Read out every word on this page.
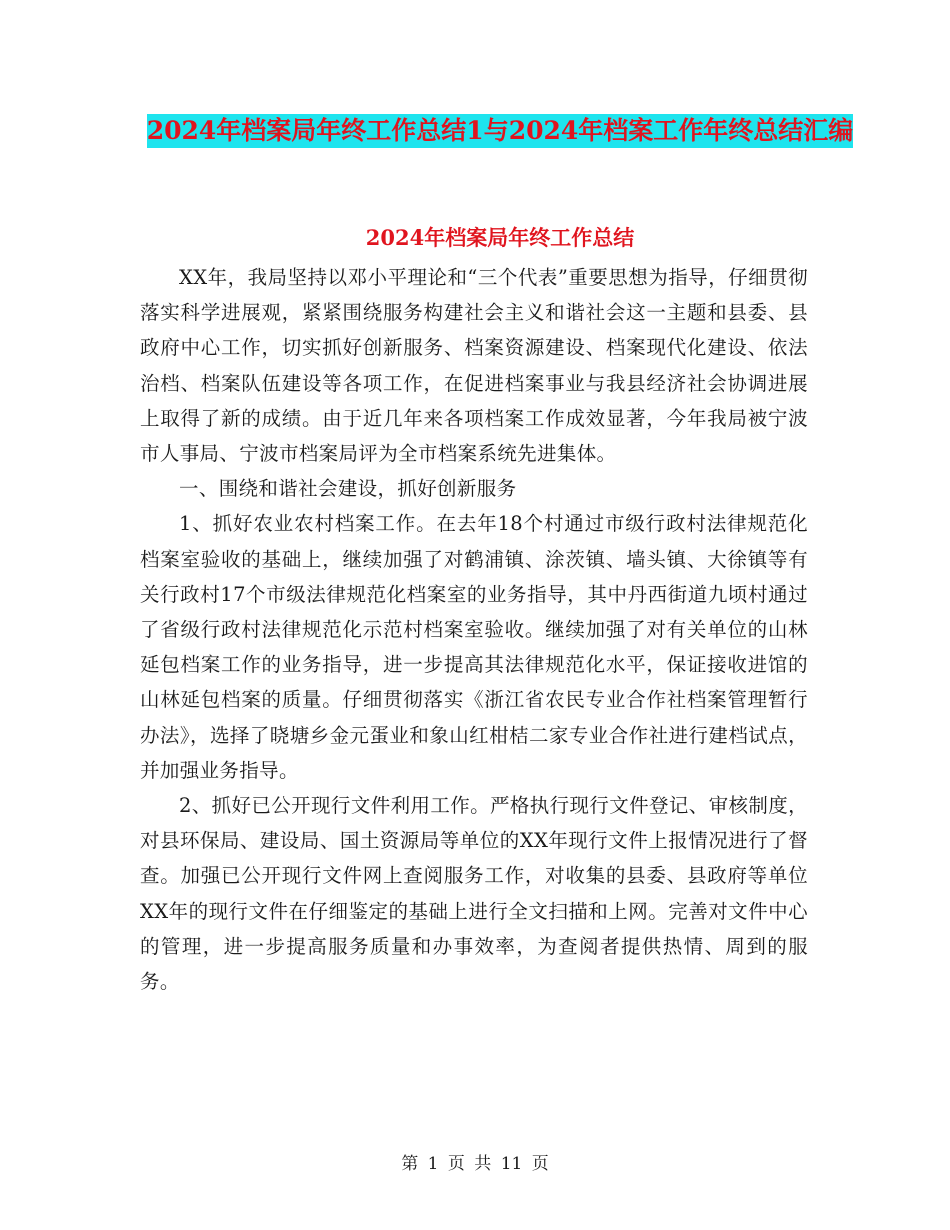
2024年档案局年终工作总结1与2024年档案工作年终总结汇编
2024年档案局年终工作总结

XX年，我局坚持以邓小平理论和“三个代表”重要思想为指导，仔细贯彻落实科学进展观，紧紧围绕服务构建社会主义和谐社会这一主题和县委、县政府中心工作，切实抓好创新服务、档案资源建设、档案现代化建设、依法治档、档案队伍建设等各项工作，在促进档案事业与我县经济社会协调进展上取得了新的成绩。由于近几年来各项档案工作成效显著，今年我局被宁波市人事局、宁波市档案局评为全市档案系统先进集体。

一、围绕和谐社会建设，抓好创新服务

1、抓好农业农村档案工作。在去年18个村通过市级行政村法律规范化档案室验收的基础上，继续加强了对鹤浦镇、涂茨镇、墙头镇、大徐镇等有关行政村17个市级法律规范化档案室的业务指导，其中丹西街道九顷村通过了省级行政村法律规范化示范村档案室验收。继续加强了对有关单位的山林延包档案工作的业务指导，进一步提高其法律规范化水平，保证接收进馆的山林延包档案的质量。仔细贯彻落实《浙江省农民专业合作社档案管理暂行办法》，选择了晓塘乡金元蛋业和象山红柑桔二家专业合作社进行建档试点，并加强业务指导。

2、抓好已公开现行文件利用工作。严格执行现行文件登记、审核制度，对县环保局、建设局、国土资源局等单位的XX年现行文件上报情况进行了督查。加强已公开现行文件网上查阅服务工作，对收集的县委、县政府等单位XX年的现行文件在仔细鉴定的基础上进行全文扫描和上网。完善对文件中心的管理，进一步提高服务质量和办事效率，为查阅者提供热情、周到的服务。

第 1 页 共 11 页
